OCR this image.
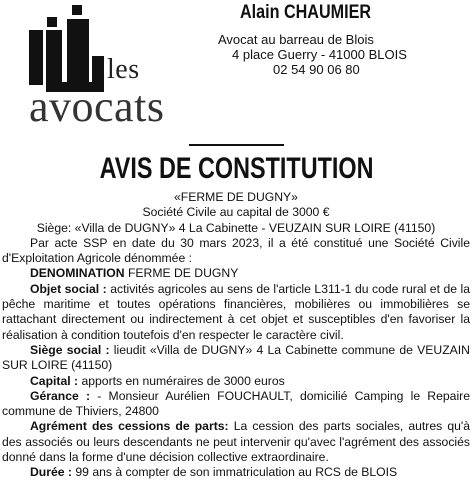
les
avocats
Alain CHAUMIER
Avocat au barreau de Blois
4 place Guerry - 41000 BLOIS
02 54 90 06 80
AVIS DE CONSTITUTION
«FERME DE DUGNY»
Société Civile au capital de 3000 €
Siège: «Villa de DUGNY» 4 La Cabinette - VEUZAIN SUR LOIRE (41150)

Par acte SSP en date du 30 mars 2023, il a été constitué une Société Civile d'Exploitation Agricole dénommée :

DENOMINATION FERME DE DUGNY

Objet social : activités agricoles au sens de l'article L311-1 du code rural et de la pêche maritime et toutes opérations financières, mobilières ou immobilières se rattachant directement ou indirectement à cet objet et susceptibles d'en favoriser la réalisation à condition toutefois d'en respecter le caractère civil.

Siège social : lieudit «Villa de DUGNY» 4 La Cabinette commune de VEUZAIN SUR LOIRE (41150)

Capital : apports en numéraires de 3000 euros

Gérance : - Monsieur Aurélien FOUCHAULT, domicilié Camping le Repaire commune de Thiviers, 24800

Agrément des cessions de parts: La cession des parts sociales, autres qu'à des associés ou leurs descendants ne peut intervenir qu'avec l'agrément des associés donné dans la forme d'une décision collective extraordinaire.

Durée : 99 ans à compter de son immatriculation au RCS de BLOIS
